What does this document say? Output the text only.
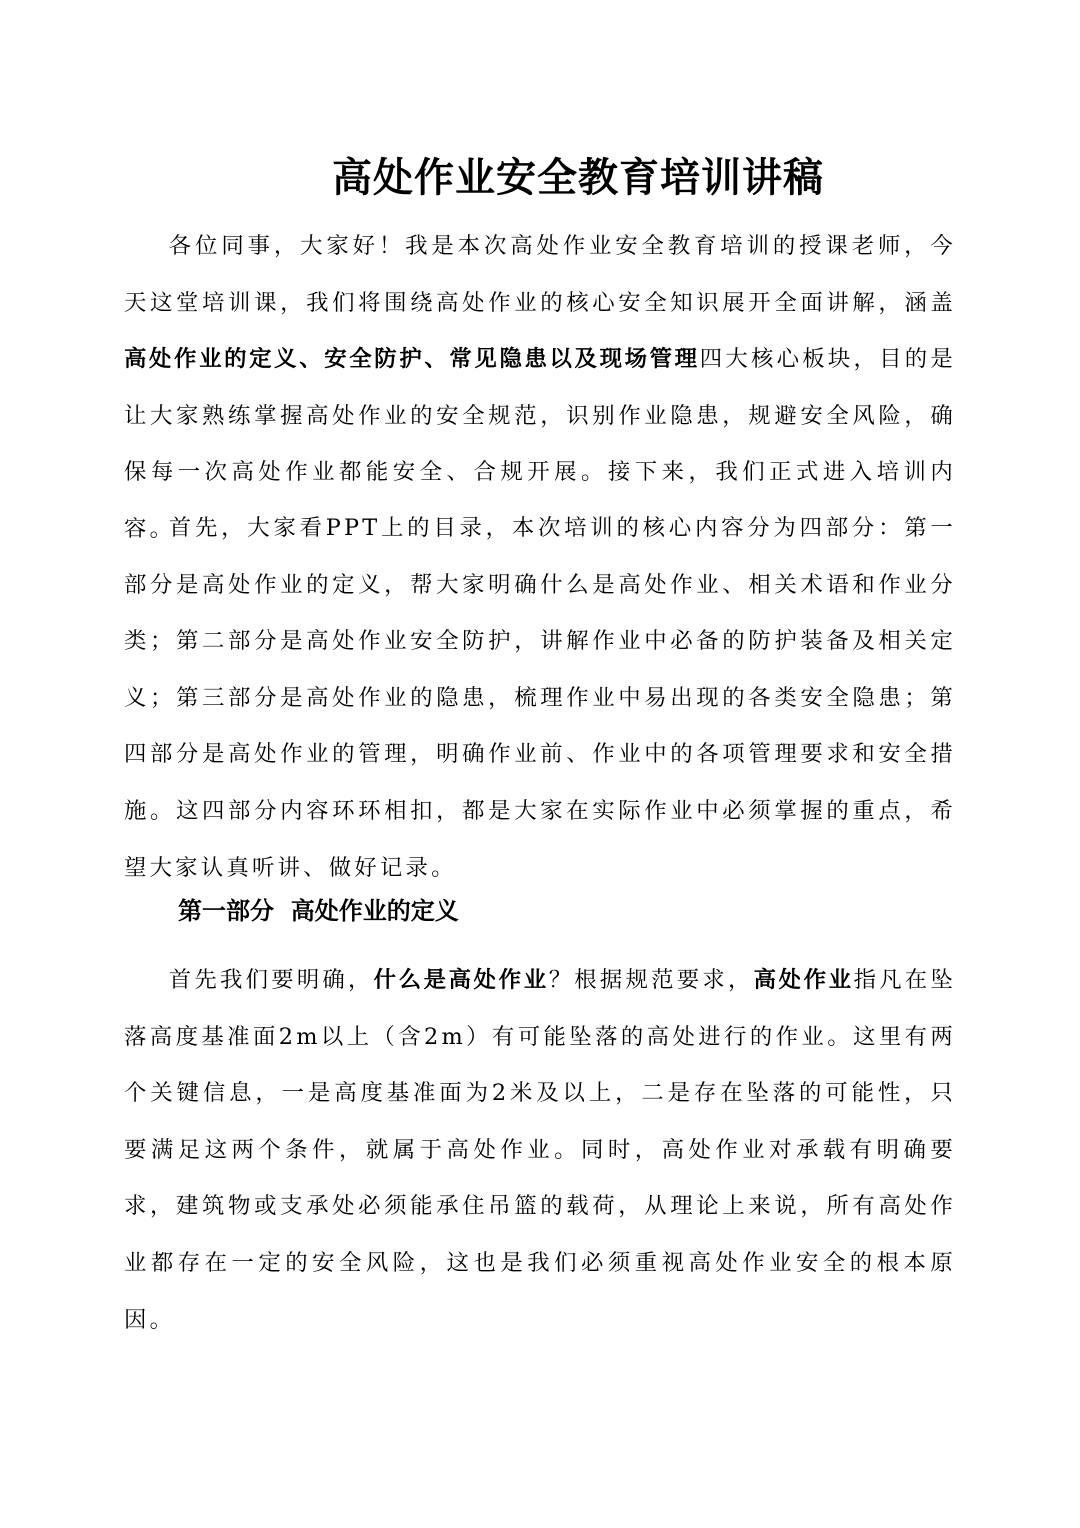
高处作业安全教育培训讲稿

各位同事，大家好！我是本次高处作业安全教育培训的授课老师，今天这堂培训课，我们将围绕高处作业的核心安全知识展开全面讲解，涵盖高处作业的定义、安全防护、常见隐患以及现场管理四大核心板块，目的是让大家熟练掌握高处作业的安全规范，识别作业隐患，规避安全风险，确保每一次高处作业都能安全、合规开展。接下来，我们正式进入培训内容。

首先，大家看PPT上的目录，本次培训的核心内容分为四部分：第一部分是高处作业的定义，帮大家明确什么是高处作业、相关术语和作业分类；第二部分是高处作业安全防护，讲解作业中必备的防护装备及相关定义；第三部分是高处作业的隐患，梳理作业中易出现的各类安全隐患；第四部分是高处作业的管理，明确作业前、作业中的各项管理要求和安全措施。这四部分内容环环相扣，都是大家在实际作业中必须掌握的重点，希望大家认真听讲、做好记录。

第一部分  高处作业的定义

首先我们要明确，什么是高处作业？根据规范要求，高处作业指凡在坠落高度基准面2m以上（含2m）有可能坠落的高处进行的作业。这里有两个关键信息，一是高度基准面为2米及以上，二是存在坠落的可能性，只要满足这两个条件，就属于高处作业。同时，高处作业对承载有明确要求，建筑物或支承处必须能承住吊篮的载荷，从理论上来说，所有高处作业都存在一定的安全风险，这也是我们必须重视高处作业安全的根本原因。
